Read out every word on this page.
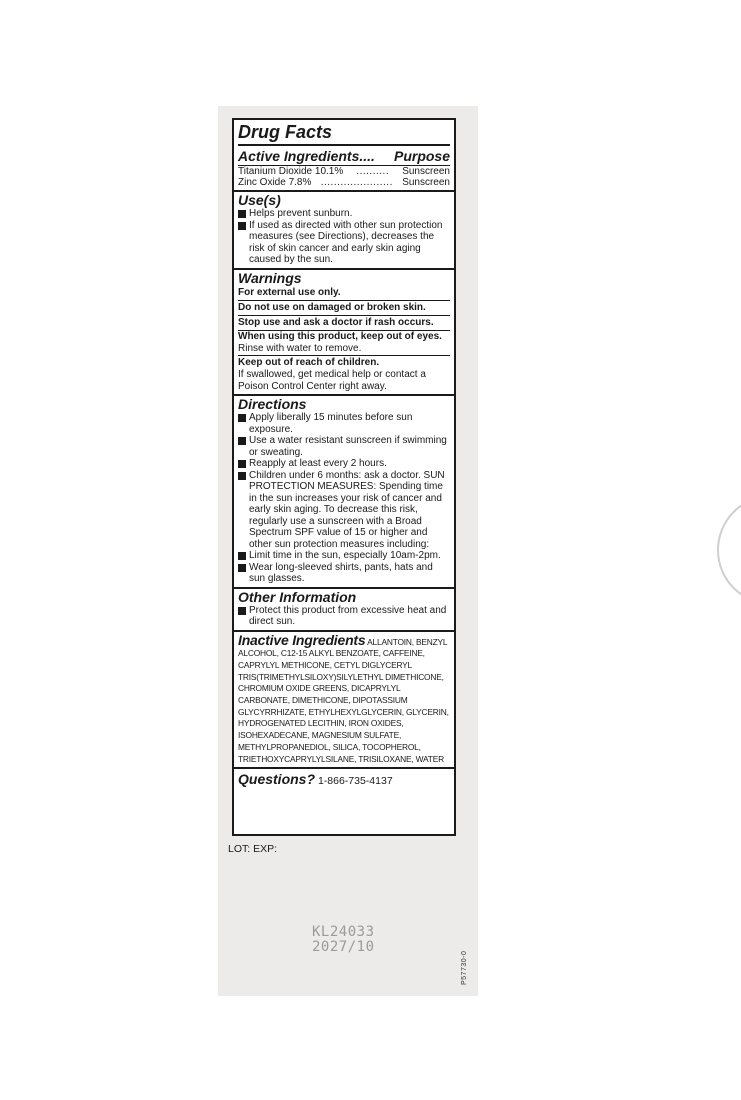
Drug Facts
Active Ingredients.... Purpose
Titanium Dioxide 10.1%	..........	Sunscreen
Zinc Oxide 7.8% ...................... Sunscreen
Use(s)
Helps prevent sunburn.
If used as directed with other sun protection measures (see Directions), decreases the risk of skin cancer and early skin aging caused by the sun.
Warnings
For external use only.
Do not use on damaged or broken skin.
Stop use and ask a doctor if rash occurs.
When using this product, keep out of eyes.
Rinse with water to remove.
Keep out of reach of children.
If swallowed, get medical help or contact a Poison Control Center right away.
Directions
Apply liberally 15 minutes before sun exposure.
Use a water resistant sunscreen if swimming or sweating.
Reapply at least every 2 hours.
Children under 6 months: ask a doctor. SUN PROTECTION MEASURES: Spending time in the sun increases your risk of cancer and early skin aging. To decrease this risk, regularly use a sunscreen with a Broad Spectrum SPF value of 15 or higher and other sun protection measures including:
Limit time in the sun, especially 10am-2pm.
Wear long-sleeved shirts, pants, hats and sun glasses.
Other Information
Protect this product from excessive heat and direct sun.
Inactive Ingredients ALLANTOIN, BENZYL ALCOHOL, C12-15 ALKYL BENZOATE, CAFFEINE, CAPRYLYL METHICONE, CETYL DIGLYCERYL TRIS(TRIMETHYLSILOXY)SILYLETHYL DIMETHICONE, CHROMIUM OXIDE GREENS, DICAPRYLYL CARBONATE, DIMETHICONE, DIPOTASSIUM GLYCYRRHIZATE, ETHYLHEXYLGLYCERIN, GLYCERIN, HYDROGENATED LECITHIN, IRON OXIDES, ISOHEXADECANE, MAGNESIUM SULFATE, METHYLPROPANEDIOL, SILICA, TOCOPHEROL, TRIETHOXYCAPRYLYLSILANE, TRISILOXANE, WATER
Questions? 1-866-735-4137
LOT: EXP:
KL24033
2027/10
P57730-0
